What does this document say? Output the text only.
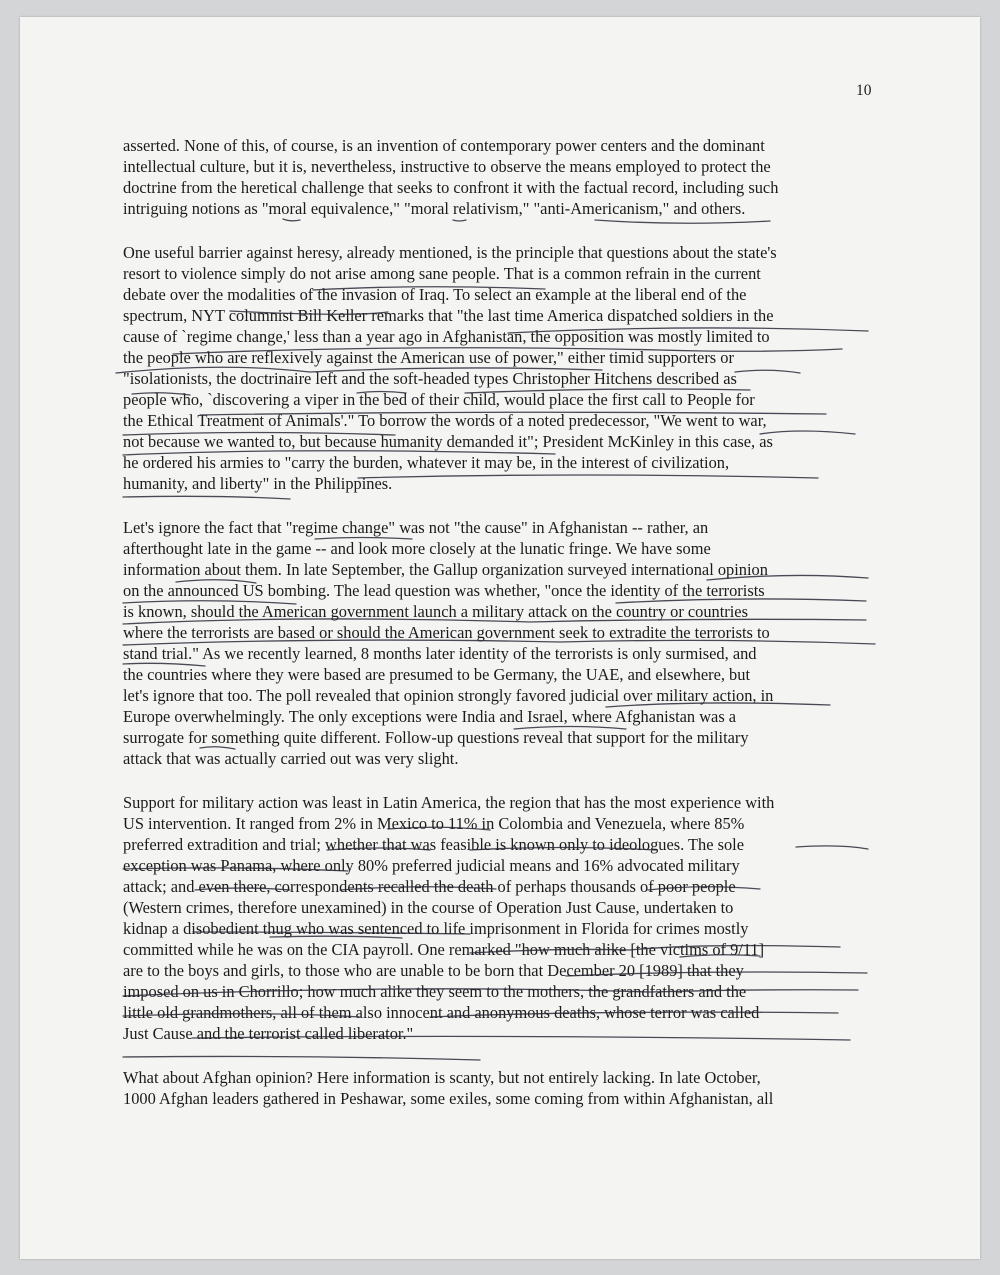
10
asserted. None of this, of course, is an invention of contemporary power centers and the dominant
intellectual culture, but it is, nevertheless, instructive to observe the means employed to protect the
doctrine from the heretical challenge that seeks to confront it with the factual record, including such
intriguing notions as "moral equivalence," "moral relativism," "anti-Americanism," and others.
One useful barrier against heresy, already mentioned, is the principle that questions about the state's
resort to violence simply do not arise among sane people. That is a common refrain in the current
debate over the modalities of the invasion of Iraq. To select an example at the liberal end of the
spectrum, NYT columnist Bill Keller remarks that "the last time America dispatched soldiers in the
cause of `regime change,' less than a year ago in Afghanistan, the opposition was mostly limited to
the people who are reflexively against the American use of power," either timid supporters or
"isolationists, the doctrinaire left and the soft-headed types Christopher Hitchens described as
people who, `discovering a viper in the bed of their child, would place the first call to People for
the Ethical Treatment of Animals'." To borrow the words of a noted predecessor, "We went to war,
not because we wanted to, but because humanity demanded it"; President McKinley in this case, as
he ordered his armies to "carry the burden, whatever it may be, in the interest of civilization,
humanity, and liberty" in the Philippines.
Let's ignore the fact that "regime change" was not "the cause" in Afghanistan -- rather, an
afterthought late in the game -- and look more closely at the lunatic fringe. We have some
information about them. In late September, the Gallup organization surveyed international opinion
on the announced US bombing. The lead question was whether, "once the identity of the terrorists
is known, should the American government launch a military attack on the country or countries
where the terrorists are based or should the American government seek to extradite the terrorists to
stand trial." As we recently learned, 8 months later identity of the terrorists is only surmised, and
the countries where they were based are presumed to be Germany, the UAE, and elsewhere, but
let's ignore that too. The poll revealed that opinion strongly favored judicial over military action, in
Europe overwhelmingly. The only exceptions were India and Israel, where Afghanistan was a
surrogate for something quite different. Follow-up questions reveal that support for the military
attack that was actually carried out was very slight.
Support for military action was least in Latin America, the region that has the most experience with
US intervention. It ranged from 2% in Mexico to 11% in Colombia and Venezuela, where 85%
preferred extradition and trial; whether that was feasible is known only to ideologues. The sole
exception was Panama, where only 80% preferred judicial means and 16% advocated military
attack; and even there, correspondents recalled the death of perhaps thousands of poor people
(Western crimes, therefore unexamined) in the course of Operation Just Cause, undertaken to
kidnap a disobedient thug who was sentenced to life imprisonment in Florida for crimes mostly
committed while he was on the CIA payroll. One remarked "how much alike [the victims of 9/11]
are to the boys and girls, to those who are unable to be born that December 20 [1989] that they
imposed on us in Chorrillo; how much alike they seem to the mothers, the grandfathers and the
little old grandmothers, all of them also innocent and anonymous deaths, whose terror was called
Just Cause and the terrorist called liberator."
What about Afghan opinion? Here information is scanty, but not entirely lacking. In late October,
1000 Afghan leaders gathered in Peshawar, some exiles, some coming from within Afghanistan, all
